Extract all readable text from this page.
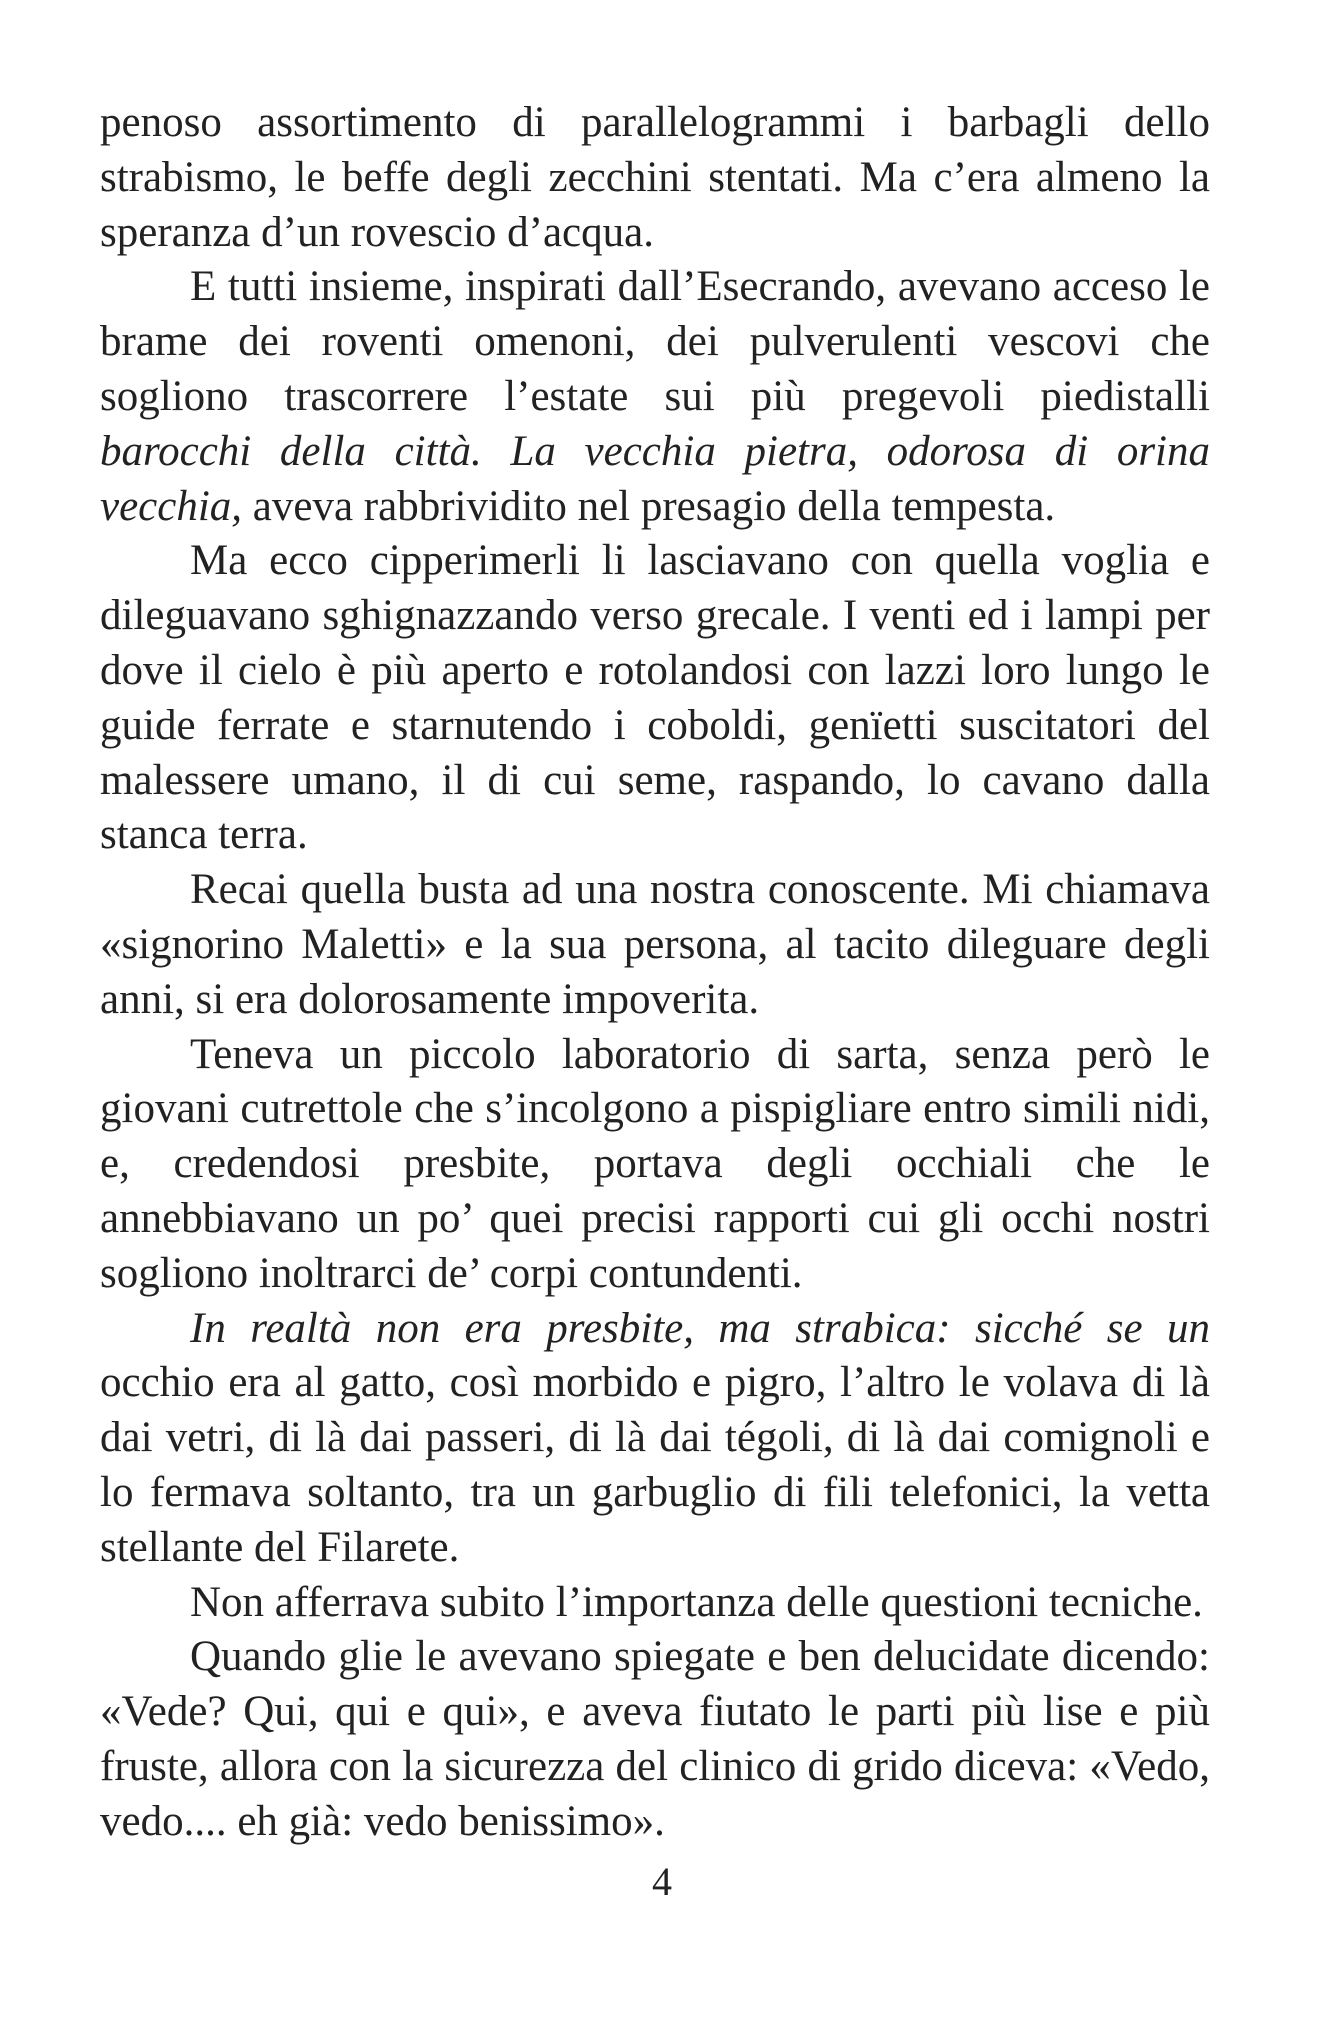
penoso assortimento di parallelogrammi i barbagli dello strabismo, le beffe degli zecchini stentati. Ma c’era almeno la speranza d’un rovescio d’acqua.

E tutti insieme, inspirati dall’Esecrando, avevano acceso le brame dei roventi omenoni, dei pulverulenti vescovi che sogliono trascorrere l’estate sui più pregevoli piedistalli barocchi della città. La vecchia pietra, odorosa di orina vecchia, aveva rabbrividito nel presagio della tempesta.

Ma ecco cipperimerli li lasciavano con quella voglia e dileguavano sghignazzando verso grecale. I venti ed i lampi per dove il cielo è più aperto e rotolandosi con lazzi loro lungo le guide ferrate e starnutendo i coboldi, genïetti suscitatori del malessere umano, il di cui seme, raspando, lo cavano dalla stanca terra.

Recai quella busta ad una nostra conoscente. Mi chiamava «signorino Maletti» e la sua persona, al tacito dileguare degli anni, si era dolorosamente impoverita.

Teneva un piccolo laboratorio di sarta, senza però le giovani cutrettole che s’incolgono a pispigliare entro simili nidi, e, credendosi presbite, portava degli occhiali che le annebbiavano un po’ quei precisi rapporti cui gli occhi nostri sogliono inoltrarci de’ corpi contundenti.

In realtà non era presbite, ma strabica: sicché se un occhio era al gatto, così morbido e pigro, l’altro le volava di là dai vetri, di là dai passeri, di là dai tégoli, di là dai comignoli e lo fermava soltanto, tra un garbuglio di fili telefonici, la vetta stellante del Filarete.

Non afferrava subito l’importanza delle questioni tecniche.

Quando glie le avevano spiegate e ben delucidate dicendo: «Vede? Qui, qui e qui», e aveva fiutato le parti più lise e più fruste, allora con la sicurezza del clinico di grido diceva: «Vedo, vedo.... eh già: vedo benissimo».

4
